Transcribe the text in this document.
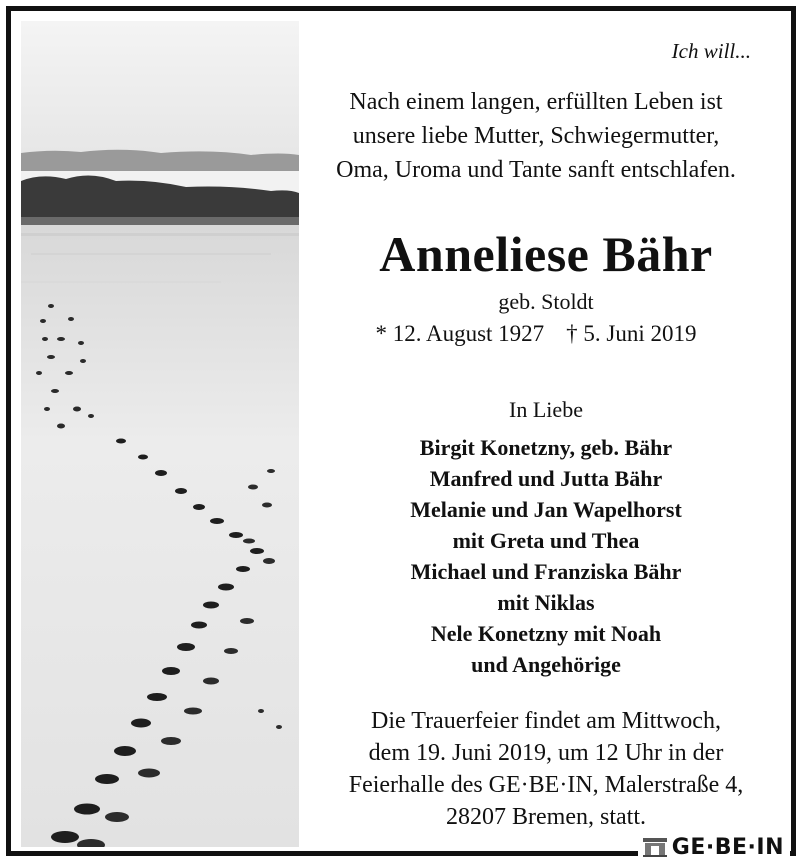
Ich will...
Nach einem langen, erfüllten Leben ist
unsere liebe Mutter, Schwiegermutter,
Oma, Uroma und Tante sanft entschlafen.
Anneliese Bähr
geb. Stoldt
* 12. August 1927 † 5. Juni 2019
In Liebe
Birgit Konetzny, geb. Bähr
Manfred und Jutta Bähr
Melanie und Jan Wapelhorst
mit Greta und Thea
Michael und Franziska Bähr
mit Niklas
Nele Konetzny mit Noah
und Angehörige
Die Trauerfeier findet am Mittwoch,
dem 19. Juni 2019, um 12 Uhr in der
Feierhalle des GE·BE·IN, Malerstraße 4,
28207 Bremen, statt.
GE·BE·IN
